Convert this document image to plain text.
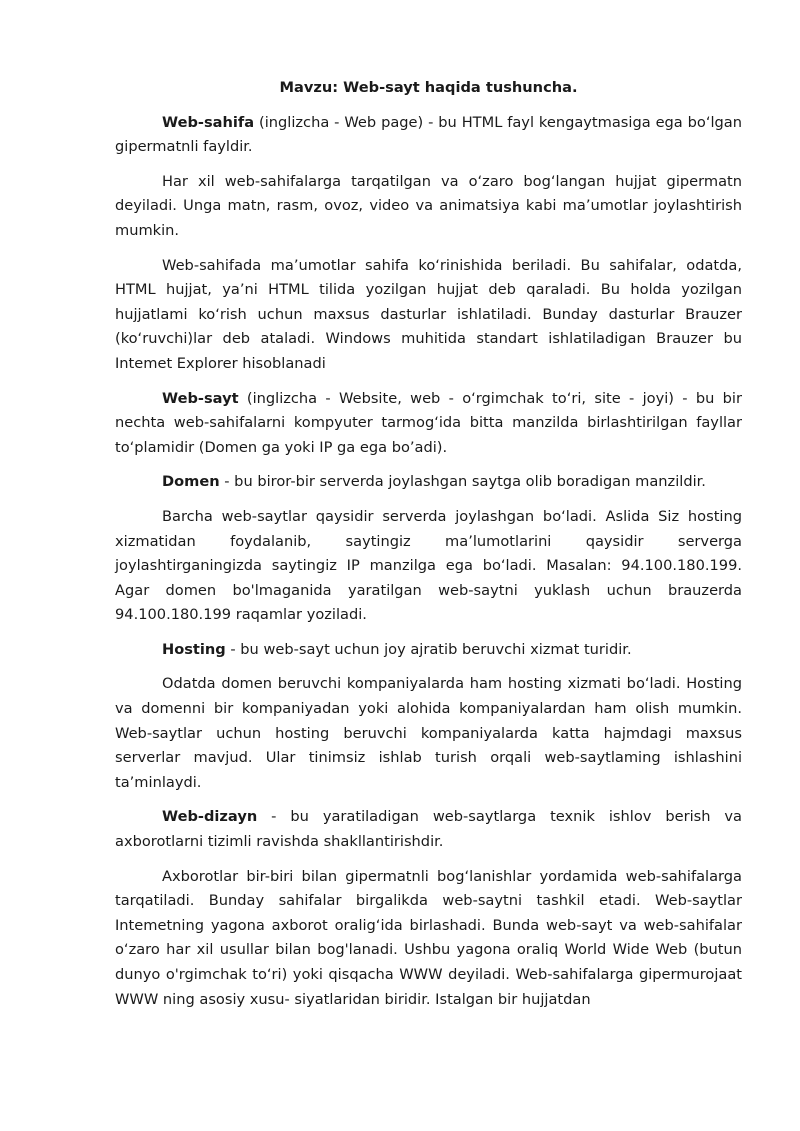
Mavzu: Web-sayt haqida tushuncha.

Web-sahifa (inglizcha - Web page) - bu HTML fayl kengaytmasiga ega bo‘lgan gipermatnli fayldir.

Har xil web-sahifalarga tarqatilgan va o‘zaro bog‘langan hujjat gipermatn deyiladi. Unga matn, rasm, ovoz, video va animatsiya kabi ma’umotlar joylashtirish mumkin.

Web-sahifada ma’umotlar sahifa ko‘rinishida beriladi. Bu sahifalar, odatda, HTML hujjat, ya’ni HTML tilida yozilgan hujjat deb qaraladi. Bu holda yozilgan hujjatlami ko‘rish uchun maxsus dasturlar ishlatiladi. Bunday dasturlar Brauzer (ko‘ruvchi)lar deb ataladi. Windows muhitida standart ishlatiladigan Brauzer bu Intemet Explorer hisoblanadi

Web-sayt (inglizcha - Website, web - o‘rgimchak to‘ri, site - joyi) - bu bir nechta web-sahifalarni kompyuter tarmog‘ida bitta manzilda birlashtirilgan fayllar to‘plamidir (Domen ga yoki IP ga ega bo’adi).

Domen - bu biror-bir serverda joylashgan saytga olib boradigan manzildir.

Barcha web-saytlar qaysidir serverda joylashgan bo‘ladi. Aslida Siz hosting xizmatidan foydalanib, saytingiz ma’lumotlarini qaysidir serverga joylashtirganingizda saytingiz IP manzilga ega bo‘ladi. Masalan: 94.100.180.199. Agar domen bo'lmaganida yaratilgan web-saytni yuklash uchun brauzerda 94.100.180.199 raqamlar yoziladi.

Hosting - bu web-sayt uchun joy ajratib beruvchi xizmat turidir.

Odatda domen beruvchi kompaniyalarda ham hosting xizmati bo‘ladi. Hosting va domenni bir kompaniyadan yoki alohida kompaniyalardan ham olish mumkin. Web-saytlar uchun hosting beruvchi kompaniyalarda katta hajmdagi maxsus serverlar mavjud. Ular tinimsiz ishlab turish orqali web-saytlaming ishlashini ta’minlaydi.

Web-dizayn - bu yaratiladigan web-saytlarga texnik ishlov berish va axborotlarni tizimli ravishda shakllantirishdir.

Axborotlar bir-biri bilan gipermatnli bog‘lanishlar yordamida web-sahifalarga tarqatiladi. Bunday sahifalar birgalikda web-saytni tashkil etadi. Web-saytlar Intemetning yagona axborot oralig‘ida birlashadi. Bunda web-sayt va web-sahifalar o‘zaro har xil usullar bilan bog'lanadi. Ushbu yagona oraliq World Wide Web (butun dunyo o'rgimchak to‘ri) yoki qisqacha WWW deyiladi. Web-sahifalarga gipermurojaat WWW ning asosiy xusu- siyatlaridan biridir. Istalgan bir hujjatdan
